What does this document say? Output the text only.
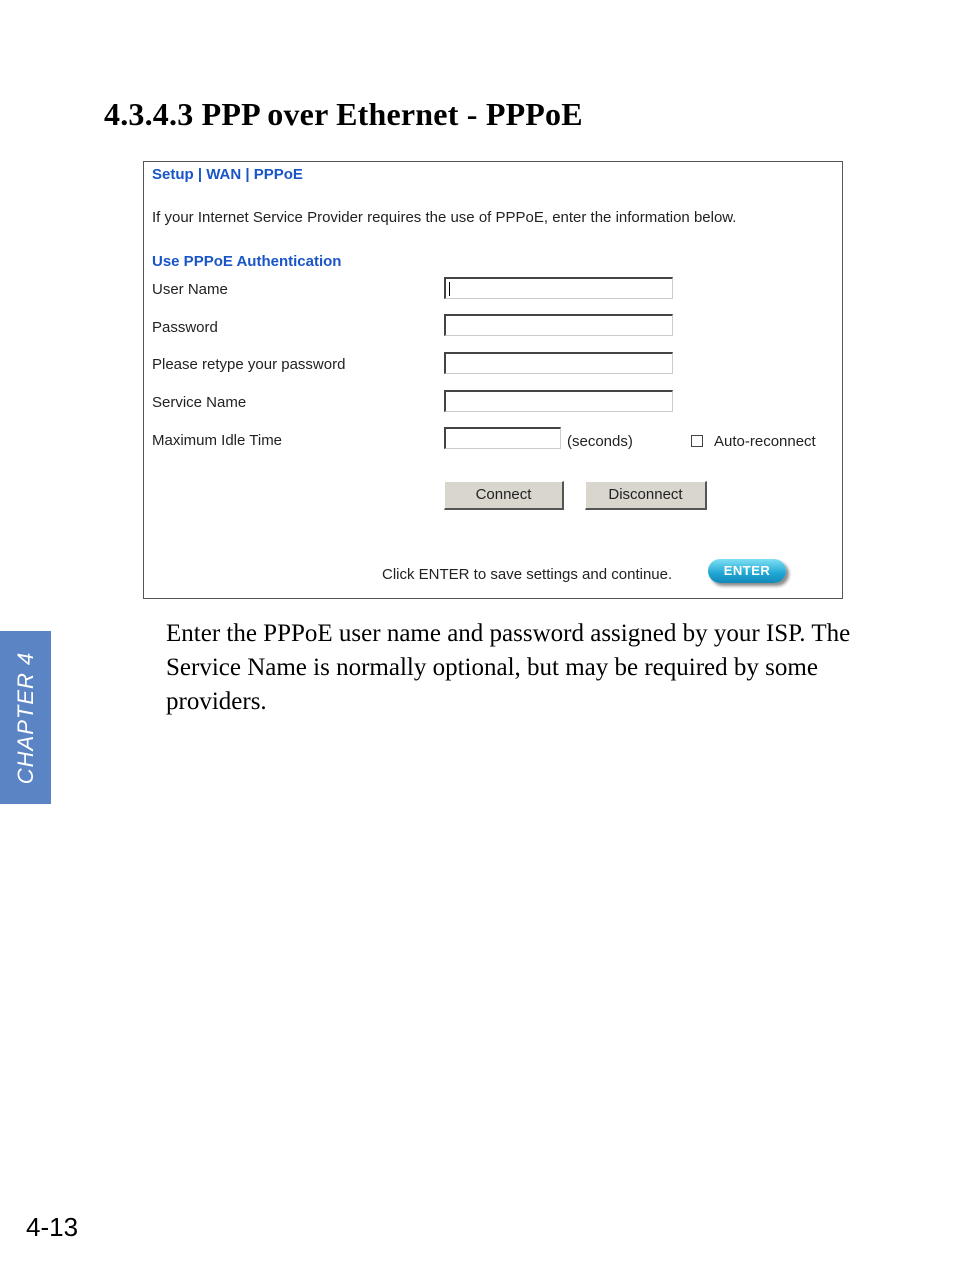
4.3.4.3 PPP over Ethernet - PPPoE
Setup | WAN | PPPoE
If your Internet Service Provider requires the use of PPPoE, enter the information below.
Use PPPoE Authentication
User Name
Password
Please retype your password
Service Name
Maximum Idle Time	(seconds)	Auto-reconnect
Connect	Disconnect
Click ENTER to save settings and continue.	ENTER

Enter the PPPoE user name and password assigned by your ISP. The Service Name is normally optional, but may be required by some providers.

CHAPTER 4
4-13
